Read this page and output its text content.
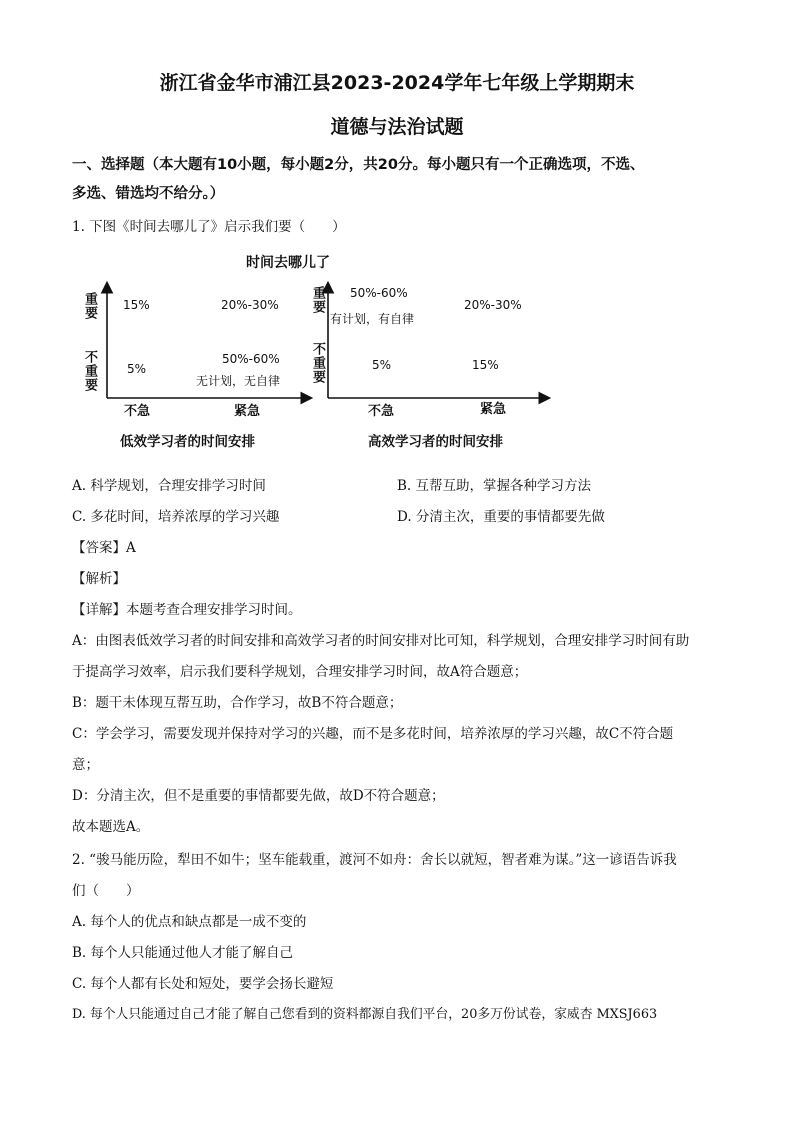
浙江省金华市浦江县2023-2024学年七年级上学期期末
道德与法治试题
一、选择题（本大题有10小题，每小题2分，共20分。每小题只有一个正确选项，不选、
多选、错选均不给分。）
1. 下图《时间去哪儿了》启示我们要（　　）
时间去哪儿了
重要
不重要
15%	20%-30%
5%
50%-60%
无计划，无自律
不急	紧急
低效学习者的时间安排
重要
不重要
50%-60%
有计划，有自律
20%-30%
5%	15%
不急	紧急
高效学习者的时间安排
A. 科学规划，合理安排学习时间	B. 互帮互助，掌握各种学习方法
C. 多花时间，培养浓厚的学习兴趣	D. 分清主次，重要的事情都要先做
【答案】A
【解析】
【详解】本题考查合理安排学习时间。
A：由图表低效学习者的时间安排和高效学习者的时间安排对比可知，科学规划，合理安排学习时间有助
于提高学习效率，启示我们要科学规划，合理安排学习时间，故A符合题意；
B：题干未体现互帮互助，合作学习，故B不符合题意；
C：学会学习，需要发现并保持对学习的兴趣，而不是多花时间，培养浓厚的学习兴趣，故C不符合题
意；
D：分清主次，但不是重要的事情都要先做，故D不符合题意；
故本题选A。
2. “骏马能历险，犁田不如牛；坚车能载重，渡河不如舟：舍长以就短，智者难为谋。”这一谚语告诉我
们（　　）
A. 每个人的优点和缺点都是一成不变的
B. 每个人只能通过他人才能了解自己
C. 每个人都有长处和短处，要学会扬长避短
D. 每个人只能通过自己才能了解自己您看到的资料都源自我们平台，20多万份试卷，家威杏 MXSJ663
